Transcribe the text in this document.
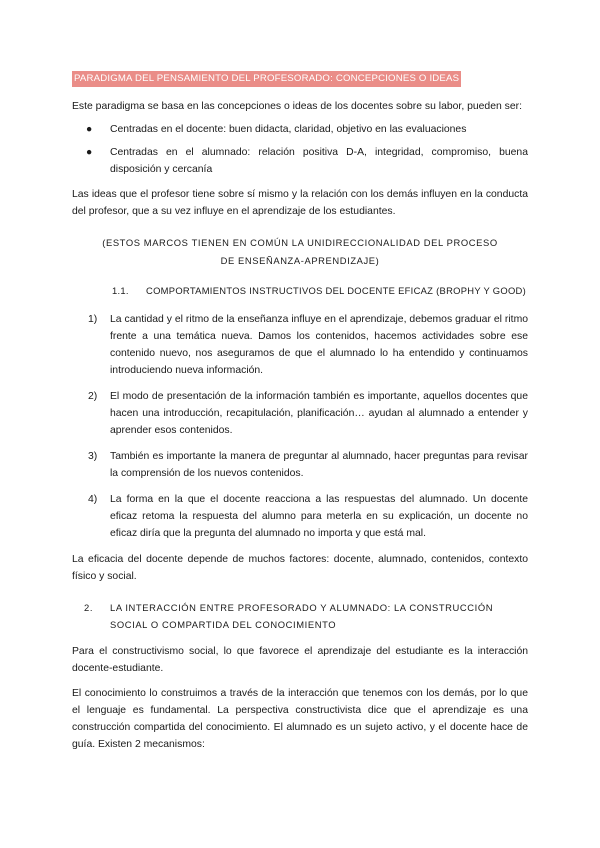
PARADIGMA DEL PENSAMIENTO DEL PROFESORADO: CONCEPCIONES O IDEAS

Este paradigma se basa en las concepciones o ideas de los docentes sobre su labor, pueden ser:

● Centradas en el docente: buen didacta, claridad, objetivo en las evaluaciones
● Centradas en el alumnado: relación positiva D-A, integridad, compromiso, buena disposición y cercanía

Las ideas que el profesor tiene sobre sí mismo y la relación con los demás influyen en la conducta del profesor, que a su vez influye en el aprendizaje de los estudiantes.

(ESTOS MARCOS TIENEN EN COMÚN LA UNIDIRECCIONALIDAD DEL PROCESO DE ENSEÑANZA-APRENDIZAJE)
1.1. COMPORTAMIENTOS INSTRUCTIVOS DEL DOCENTE EFICAZ (BROPHY Y GOOD)
1) La cantidad y el ritmo de la enseñanza influye en el aprendizaje, debemos graduar el ritmo frente a una temática nueva. Damos los contenidos, hacemos actividades sobre ese contenido nuevo, nos aseguramos de que el alumnado lo ha entendido y continuamos introduciendo nueva información.
2) El modo de presentación de la información también es importante, aquellos docentes que hacen una introducción, recapitulación, planificación… ayudan al alumnado a entender y aprender esos contenidos.
3) También es importante la manera de preguntar al alumnado, hacer preguntas para revisar la comprensión de los nuevos contenidos.
4) La forma en la que el docente reacciona a las respuestas del alumnado. Un docente eficaz retoma la respuesta del alumno para meterla en su explicación, un docente no eficaz diría que la pregunta del alumnado no importa y que está mal.

La eficacia del docente depende de muchos factores: docente, alumnado, contenidos, contexto físico y social.

2.	LA INTERACCIÓN ENTRE PROFESORADO Y ALUMNADO: LA CONSTRUCCIÓN SOCIAL O COMPARTIDA DEL CONOCIMIENTO

Para el constructivismo social, lo que favorece el aprendizaje del estudiante es la interacción docente-estudiante.

El conocimiento lo construimos a través de la interacción que tenemos con los demás, por lo que el lenguaje es fundamental. La perspectiva constructivista dice que el aprendizaje es una construcción compartida del conocimiento. El alumnado es un sujeto activo, y el docente hace de guía. Existen 2 mecanismos:
